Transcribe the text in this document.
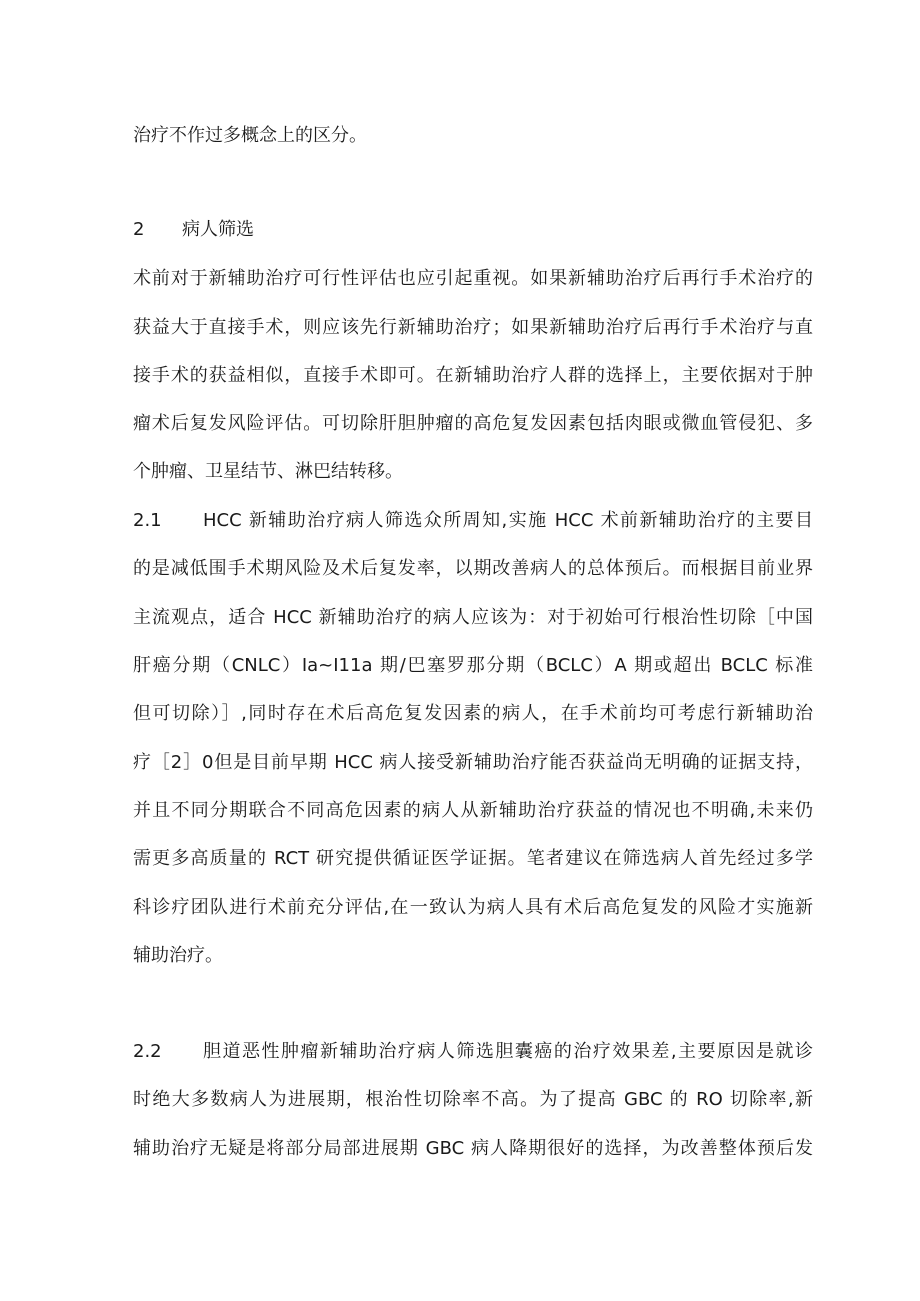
治疗不作过多概念上的区分。

2 病人筛选

术前对于新辅助治疗可行性评估也应引起重视。如果新辅助治疗后再行手术治疗的

获益大于直接手术，则应该先行新辅助治疗；如果新辅助治疗后再行手术治疗与直

接手术的获益相似，直接手术即可。在新辅助治疗人群的选择上，主要依据对于肿

瘤术后复发风险评估。可切除肝胆肿瘤的高危复发因素包括肉眼或微血管侵犯、多

个肿瘤、卫星结节、淋巴结转移。

2.1 HCC 新辅助治疗病人筛选众所周知,实施 HCC 术前新辅助治疗的主要目

的是减低围手术期风险及术后复发率，以期改善病人的总体预后。而根据目前业界

主流观点，适合 HCC 新辅助治疗的病人应该为：对于初始可行根治性切除［中国

肝癌分期（CNLC）Ia~I11a 期/巴塞罗那分期（BCLC）A 期或超出 BCLC 标准

但可切除）］,同时存在术后高危复发因素的病人，在手术前均可考虑行新辅助治

疗［2］0但是目前早期 HCC 病人接受新辅助治疗能否获益尚无明确的证据支持，

并且不同分期联合不同高危因素的病人从新辅助治疗获益的情况也不明确,未来仍

需更多高质量的 RCT 研究提供循证医学证据。笔者建议在筛选病人首先经过多学

科诊疗团队进行术前充分评估,在一致认为病人具有术后高危复发的风险才实施新

辅助治疗。

2.2 胆道恶性肿瘤新辅助治疗病人筛选胆囊癌的治疗效果差,主要原因是就诊

时绝大多数病人为进展期，根治性切除率不高。为了提高 GBC 的 RO 切除率,新

辅助治疗无疑是将部分局部进展期 GBC 病人降期很好的选择，为改善整体预后发
